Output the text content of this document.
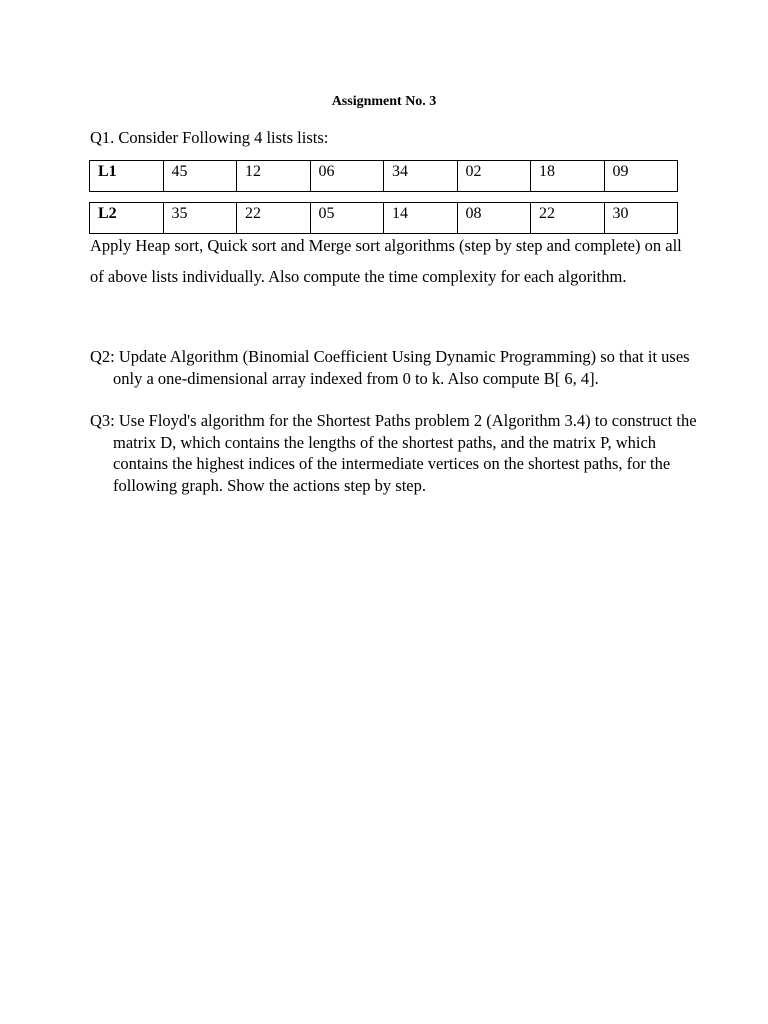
Assignment No. 3
Q1. Consider Following 4 lists lists:
L1	45	12	06	34	02	18	09
L2	35	22	05	14	08	22	30
Apply Heap sort, Quick sort and Merge sort algorithms (step by step and complete) on all of above lists individually. Also compute the time complexity for each algorithm.
Q2: Update Algorithm (Binomial Coefficient Using Dynamic Programming) so that it uses only a one-dimensional array indexed from 0 to k. Also compute B[ 6, 4].
Q3: Use Floyd's algorithm for the Shortest Paths problem 2 (Algorithm 3.4) to construct the matrix D, which contains the lengths of the shortest paths, and the matrix P, which contains the highest indices of the intermediate vertices on the shortest paths, for the following graph. Show the actions step by step.
